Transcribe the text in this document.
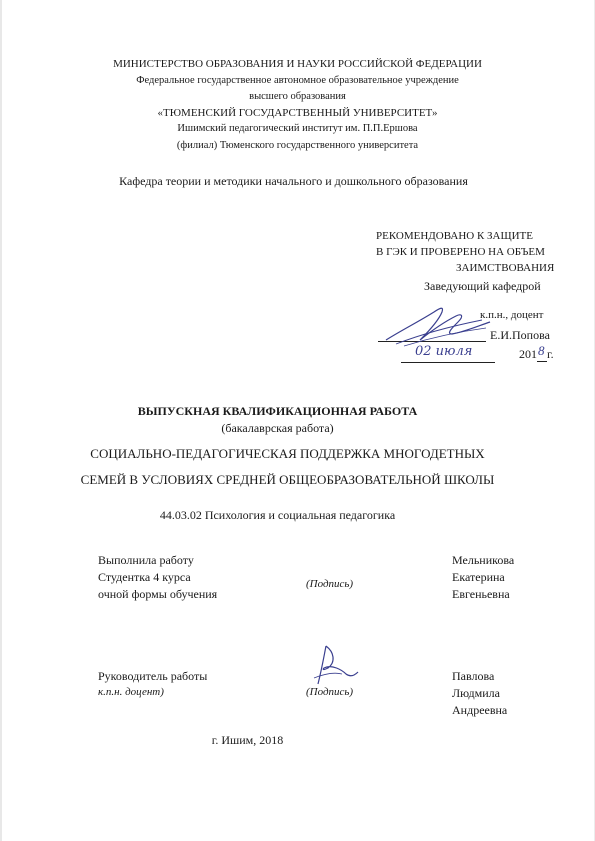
МИНИСТЕРСТВО ОБРАЗОВАНИЯ И НАУКИ РОССИЙСКОЙ ФЕДЕРАЦИИ
Федеральное государственное автономное образовательное учреждение
высшего образования
«ТЮМЕНСКИЙ ГОСУДАРСТВЕННЫЙ УНИВЕРСИТЕТ»
Ишимский педагогический институт им. П.П.Ершова
(филиал) Тюменского государственного университета
Кафедра теории и методики начального и дошкольного образования
РЕКОМЕНДОВАНО К ЗАЩИТЕ
В ГЭК И ПРОВЕРЕНО НА ОБЪЕМ
ЗАИМСТВОВАНИЯ
Заведующий кафедрой
к.п.н., доцент
Е.И.Попова
02 июля	201 8 г.
ВЫПУСКНАЯ КВАЛИФИКАЦИОННАЯ РАБОТА
(бакалаврская работа)
СОЦИАЛЬНО-ПЕДАГОГИЧЕСКАЯ ПОДДЕРЖКА МНОГОДЕТНЫХ
СЕМЕЙ В УСЛОВИЯХ СРЕДНЕЙ ОБЩЕОБРАЗОВАТЕЛЬНОЙ ШКОЛЫ
44.03.02 Психология и социальная педагогика
Выполнила работу
Студентка 4 курса
очной формы обучения
(Подпись)
Мельникова
Екатерина
Евгеньевна
Руководитель работы
к.п.н. доцент)	(Подпись)
Павлова
Людмила
Андреевна
г. Ишим, 2018
